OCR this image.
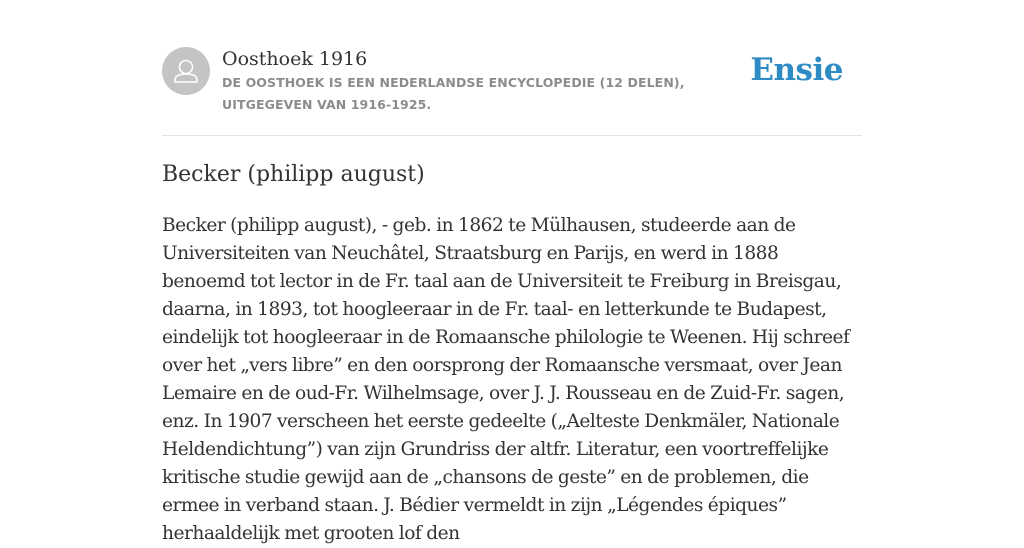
Oosthoek 1916
DE OOSTHOEK IS EEN NEDERLANDSE ENCYCLOPEDIE (12 DELEN), UITGEGEVEN VAN 1916-1925.
Ensie
Becker (philipp august)

Becker (philipp august), - geb. in 1862 te Mülhausen, studeerde aan de Universiteiten van Neuchâtel, Straatsburg en Parijs, en werd in 1888 benoemd tot lector in de Fr. taal aan de Universiteit te Freiburg in Breisgau, daarna, in 1893, tot hoogleeraar in de Fr. taal- en letterkunde te Budapest, eindelijk tot hoogleeraar in de Romaansche philologie te Weenen. Hij schreef over het „vers libre” en den oorsprong der Romaansche versmaat, over Jean Lemaire en de oud-Fr. Wilhelmsage, over J. J. Rousseau en de Zuid-Fr. sagen, enz. In 1907 verscheen het eerste gedeelte („Aelteste Denkmäler, Nationale Heldendichtung”) van zijn Grundriss der altfr. Literatur, een voortreffelijke kritische studie gewijd aan de „chansons de geste” en de problemen, die ermee in verband staan. J. Bédier vermeldt in zijn „Légendes épiques” herhaaldelijk met grooten lof den
